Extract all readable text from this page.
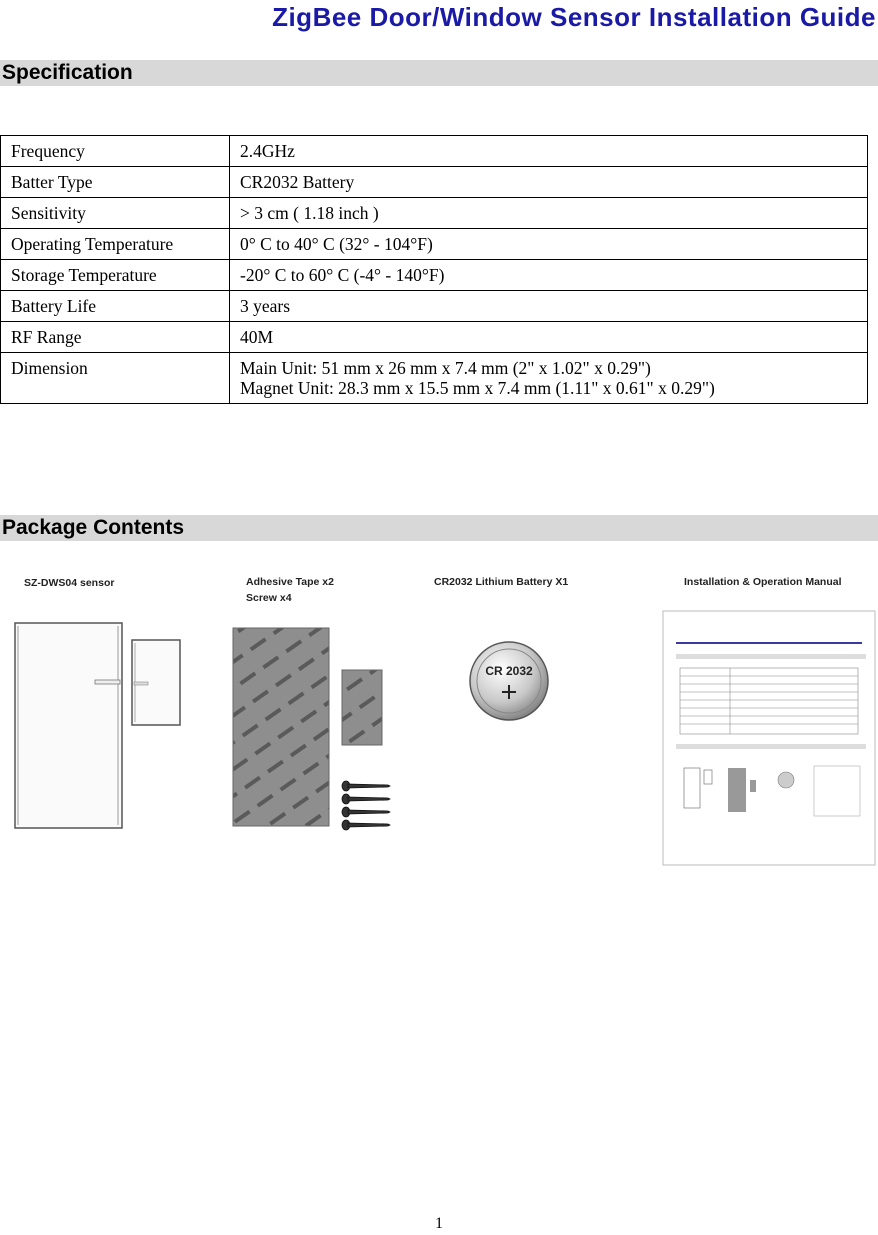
ZigBee Door/Window Sensor Installation Guide
Specification
Frequency	2.4GHz
Batter Type	CR2032 Battery
Sensitivity	> 3 cm ( 1.18 inch )
Operating Temperature	0° C to 40° C (32° - 104°F)
Storage Temperature	-20° C to 60° C (-4° - 140°F)
Battery Life	3 years
RF Range	40M
Dimension	Main Unit: 51 mm x 26 mm x 7.4 mm (2" x 1.02" x 0.29")
Magnet Unit: 28.3 mm x 15.5 mm x 7.4 mm (1.11" x 0.61" x 0.29")
Package Contents
SZ-DWS04 sensor	Adhesive Tape x2
Screw x4
CR2032 Lithium Battery X1	Installation & Operation Manual
CR 2032
1
